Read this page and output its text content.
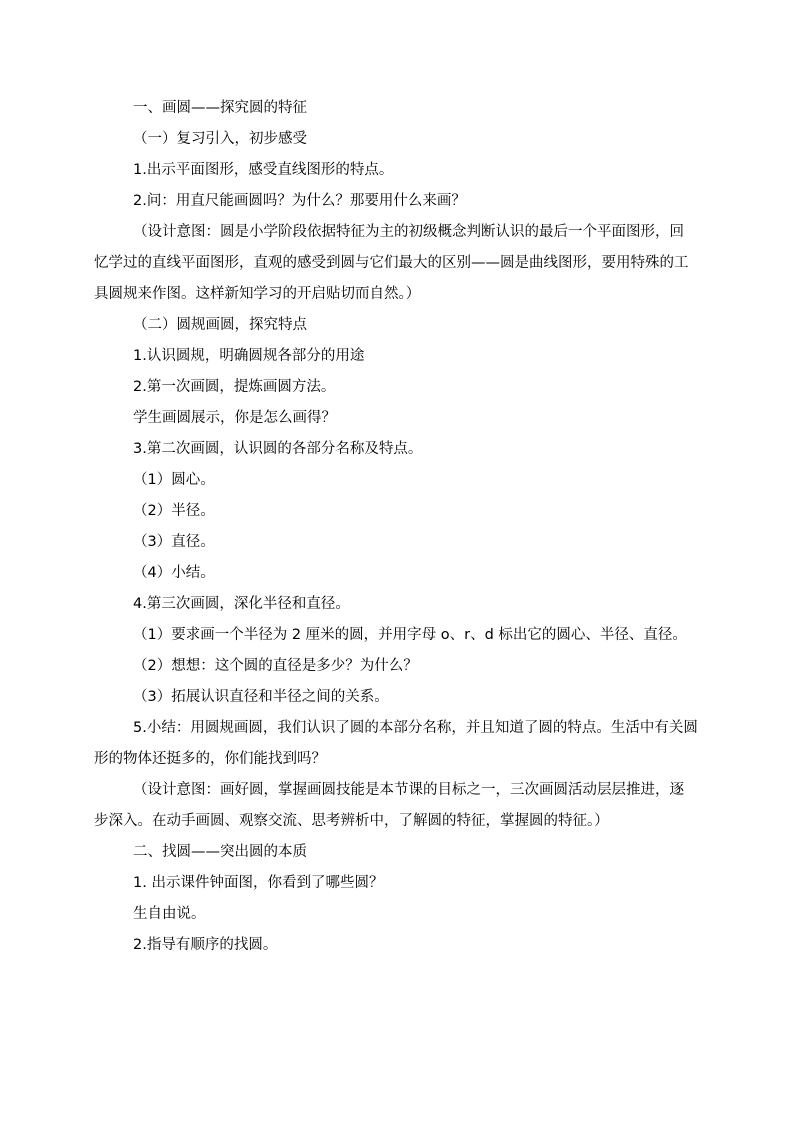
一、画圆——探究圆的特征

（一）复习引入，初步感受

1.出示平面图形，感受直线图形的特点。

2.问：用直尺能画圆吗？为什么？那要用什么来画？

（设计意图：圆是小学阶段依据特征为主的初级概念判断认识的最后一个平面图形，回忆学过的直线平面图形，直观的感受到圆与它们最大的区别——圆是曲线图形，要用特殊的工具圆规来作图。这样新知学习的开启贴切而自然。）

（二）圆规画圆，探究特点

1.认识圆规，明确圆规各部分的用途

2.第一次画圆，提炼画圆方法。

学生画圆展示，你是怎么画得？

3.第二次画圆，认识圆的各部分名称及特点。

（1）圆心。

（2）半径。

（3）直径。

（4）小结。

4.第三次画圆，深化半径和直径。

（1）要求画一个半径为 2 厘米的圆，并用字母 o、r、d 标出它的圆心、半径、直径。

（2）想想：这个圆的直径是多少？为什么？

（3）拓展认识直径和半径之间的关系。

5.小结：用圆规画圆，我们认识了圆的本部分名称，并且知道了圆的特点。生活中有关圆形的物体还挺多的，你们能找到吗？

（设计意图：画好圆，掌握画圆技能是本节课的目标之一，三次画圆活动层层推进，逐步深入。在动手画圆、观察交流、思考辨析中，了解圆的特征，掌握圆的特征。）

二、找圆——突出圆的本质

1. 出示课件钟面图，你看到了哪些圆？

生自由说。

2.指导有顺序的找圆。
